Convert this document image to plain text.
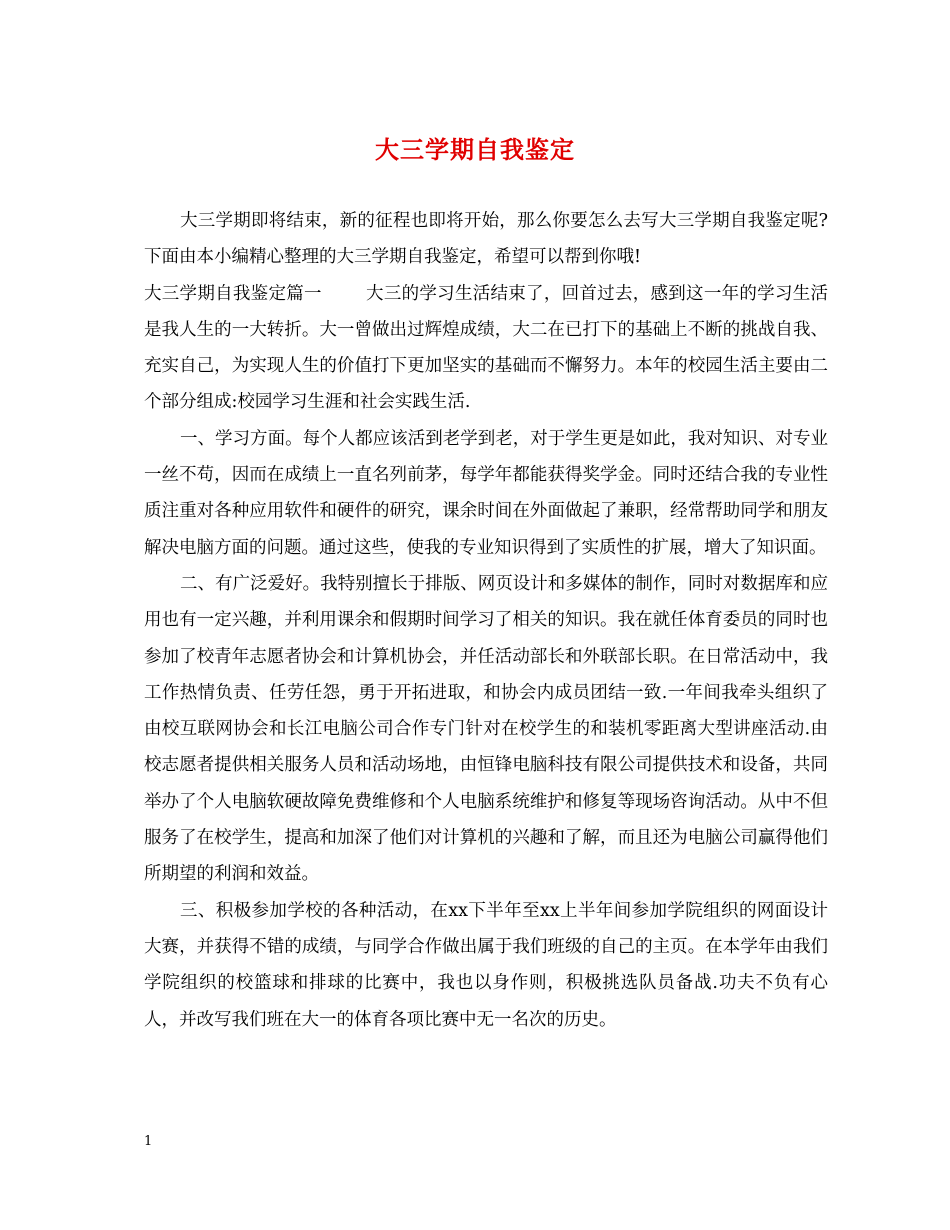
大三学期自我鉴定

大三学期即将结束，新的征程也即将开始，那么你要怎么去写大三学期自我鉴定呢?下面由本小编精心整理的大三学期自我鉴定，希望可以帮到你哦!

大三学期自我鉴定篇一	大三的学习生活结束了，回首过去，感到这一年的学习生活是我人生的一大转折。大一曾做出过辉煌成绩，大二在已打下的基础上不断的挑战自我、充实自己，为实现人生的价值打下更加坚实的基础而不懈努力。本年的校园生活主要由二个部分组成:校园学习生涯和社会实践生活.

一、学习方面。每个人都应该活到老学到老，对于学生更是如此，我对知识、对专业一丝不苟，因而在成绩上一直名列前茅，每学年都能获得奖学金。同时还结合我的专业性质注重对各种应用软件和硬件的研究，课余时间在外面做起了兼职，经常帮助同学和朋友解决电脑方面的问题。通过这些，使我的专业知识得到了实质性的扩展，增大了知识面。

二、有广泛爱好。我特别擅长于排版、网页设计和多媒体的制作，同时对数据库和应用也有一定兴趣，并利用课余和假期时间学习了相关的知识。我在就任体育委员的同时也参加了校青年志愿者协会和计算机协会，并任活动部长和外联部长职。在日常活动中，我工作热情负责、任劳任怨，勇于开拓进取，和协会内成员团结一致.一年间我牵头组织了由校互联网协会和长江电脑公司合作专门针对在校学生的和装机零距离大型讲座活动.由校志愿者提供相关服务人员和活动场地，由恒锋电脑科技有限公司提供技术和设备，共同举办了个人电脑软硬故障免费维修和个人电脑系统维护和修复等现场咨询活动。从中不但服务了在校学生，提高和加深了他们对计算机的兴趣和了解，而且还为电脑公司赢得他们所期望的利润和效益。

三、积极参加学校的各种活动，在xx下半年至xx上半年间参加学院组织的网面设计大赛，并获得不错的成绩，与同学合作做出属于我们班级的自己的主页。在本学年由我们学院组织的校篮球和排球的比赛中，我也以身作则，积极挑选队员备战.功夫不负有心人，并改写我们班在大一的体育各项比赛中无一名次的历史。

1
